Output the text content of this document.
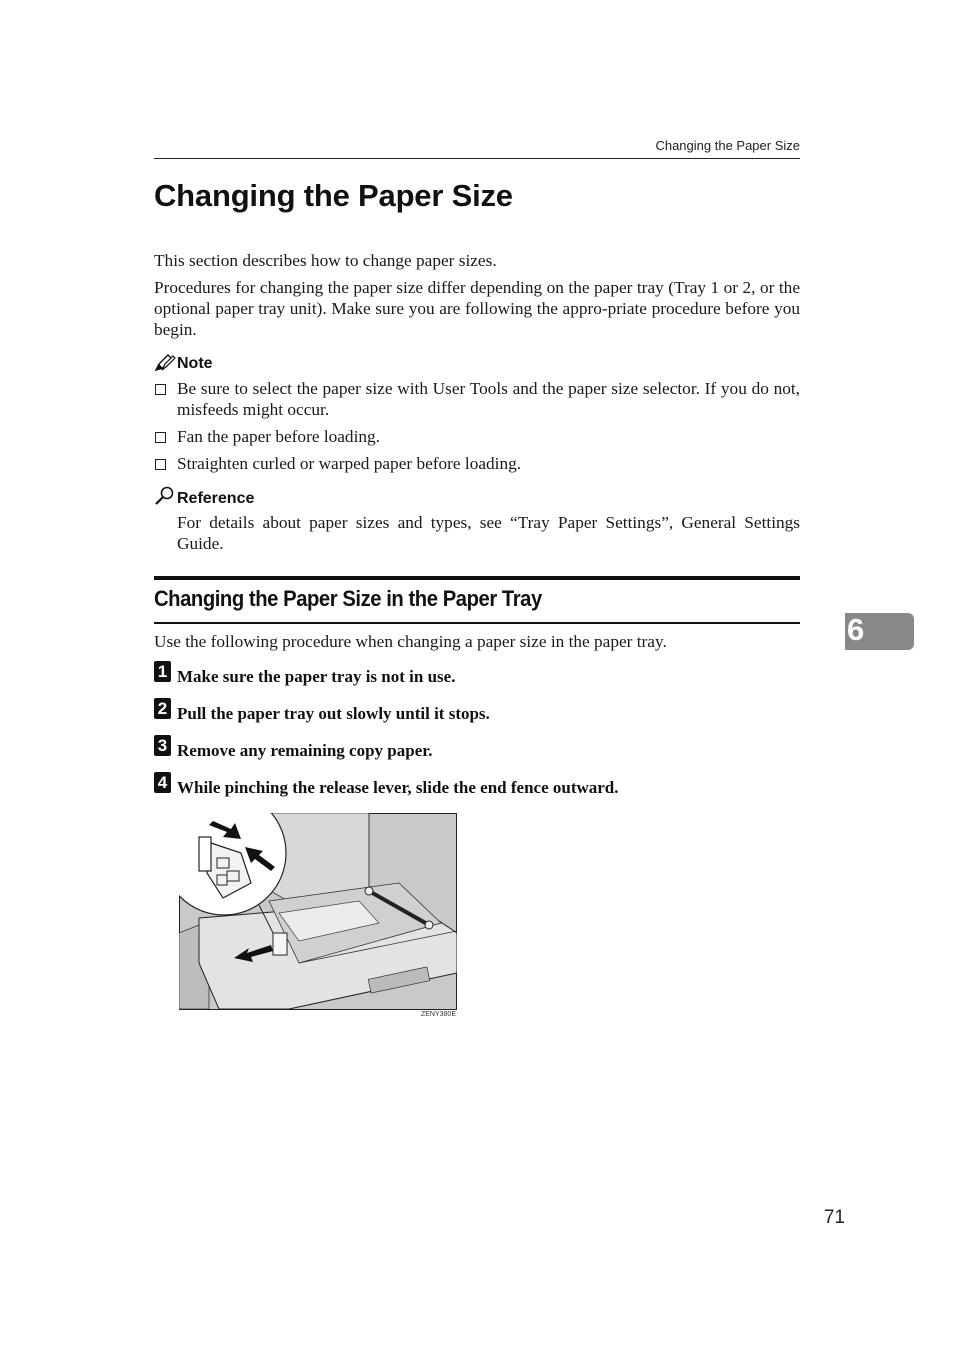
Changing the Paper Size
Changing the Paper Size

This section describes how to change paper sizes.

Procedures for changing the paper size differ depending on the paper tray (Tray 1 or 2, or the optional paper tray unit). Make sure you are following the appro-priate procedure before you begin.

Note

Be sure to select the paper size with User Tools and the paper size selector. If you do not, misfeeds might occur.

Fan the paper before loading.

Straighten curled or warped paper before loading.

Reference

For details about paper sizes and types, see “Tray Paper Settings”, General Settings Guide.

Changing the Paper Size in the Paper Tray

Use the following procedure when changing a paper size in the paper tray.

1 Make sure the paper tray is not in use.
2 Pull the paper tray out slowly until it stops.
3 Remove any remaining copy paper.
4 While pinching the release lever, slide the end fence outward.
6
ZENY380E
71
